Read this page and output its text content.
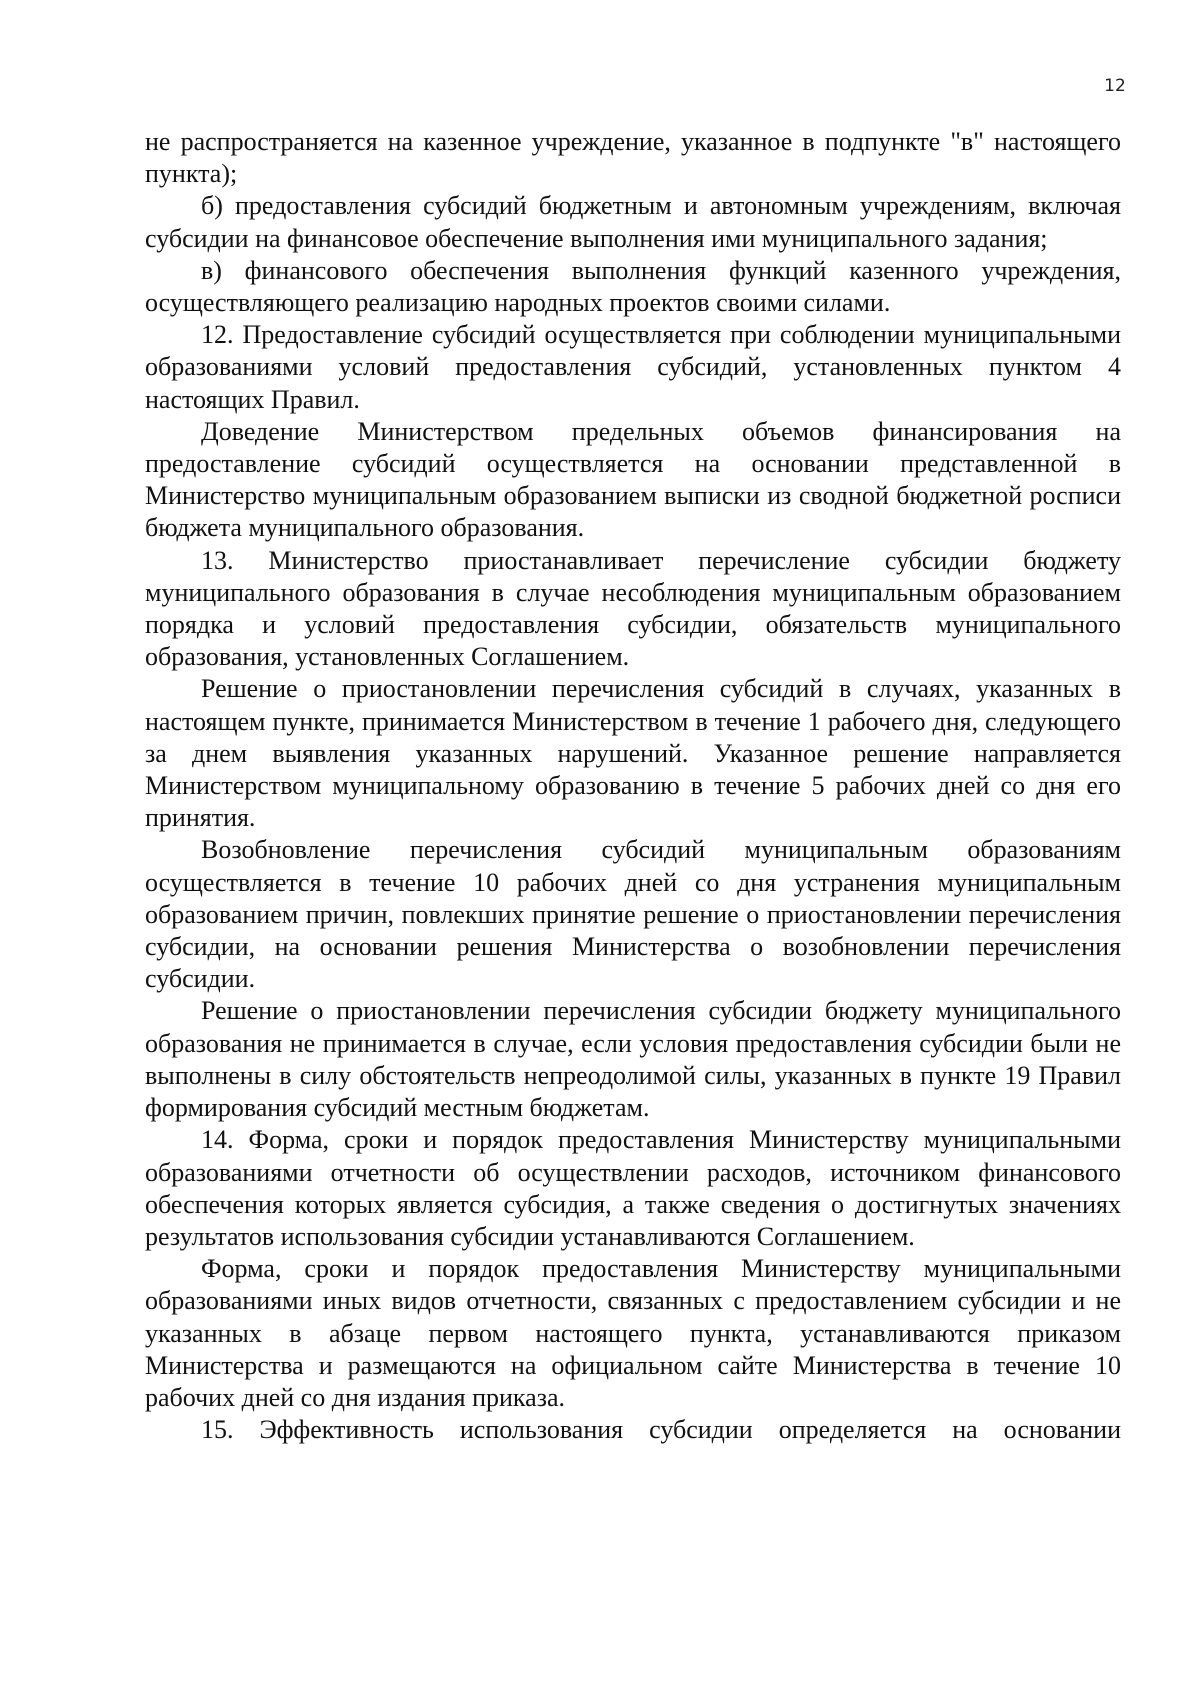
12

не распространяется на казенное учреждение, указанное в подпункте "в" настоящего пункта);

б) предоставления субсидий бюджетным и автономным учреждениям, включая субсидии на финансовое обеспечение выполнения ими муниципального задания;

в) финансового обеспечения выполнения функций казенного учреждения, осуществляющего реализацию народных проектов своими силами.

12. Предоставление субсидий осуществляется при соблюдении муниципальными образованиями условий предоставления субсидий, установленных пунктом 4 настоящих Правил.

Доведение Министерством предельных объемов финансирования на предоставление субсидий осуществляется на основании представленной в Министерство муниципальным образованием выписки из сводной бюджетной росписи бюджета муниципального образования.

13. Министерство приостанавливает перечисление субсидии бюджету муниципального образования в случае несоблюдения муниципальным образованием порядка и условий предоставления субсидии, обязательств муниципального образования, установленных Соглашением.

Решение о приостановлении перечисления субсидий в случаях, указанных в настоящем пункте, принимается Министерством в течение 1 рабочего дня, следующего за днем выявления указанных нарушений. Указанное решение направляется Министерством муниципальному образованию в течение 5 рабочих дней со дня его принятия.

Возобновление перечисления субсидий муниципальным образованиям осуществляется в течение 10 рабочих дней со дня устранения муниципальным образованием причин, повлекших принятие решение о приостановлении перечисления субсидии, на основании решения Министерства о возобновлении перечисления субсидии.

Решение о приостановлении перечисления субсидии бюджету муниципального образования не принимается в случае, если условия предоставления субсидии были не выполнены в силу обстоятельств непреодолимой силы, указанных в пункте 19 Правил формирования субсидий местным бюджетам.

14. Форма, сроки и порядок предоставления Министерству муниципальными образованиями отчетности об осуществлении расходов, источником финансового обеспечения которых является субсидия, а также сведения о достигнутых значениях результатов использования субсидии устанавливаются Соглашением.

Форма, сроки и порядок предоставления Министерству муниципальными образованиями иных видов отчетности, связанных с предоставлением субсидии и не указанных в абзаце первом настоящего пункта, устанавливаются приказом Министерства и размещаются на официальном сайте Министерства в течение 10 рабочих дней со дня издания приказа.

15. Эффективность использования субсидии определяется на основании
